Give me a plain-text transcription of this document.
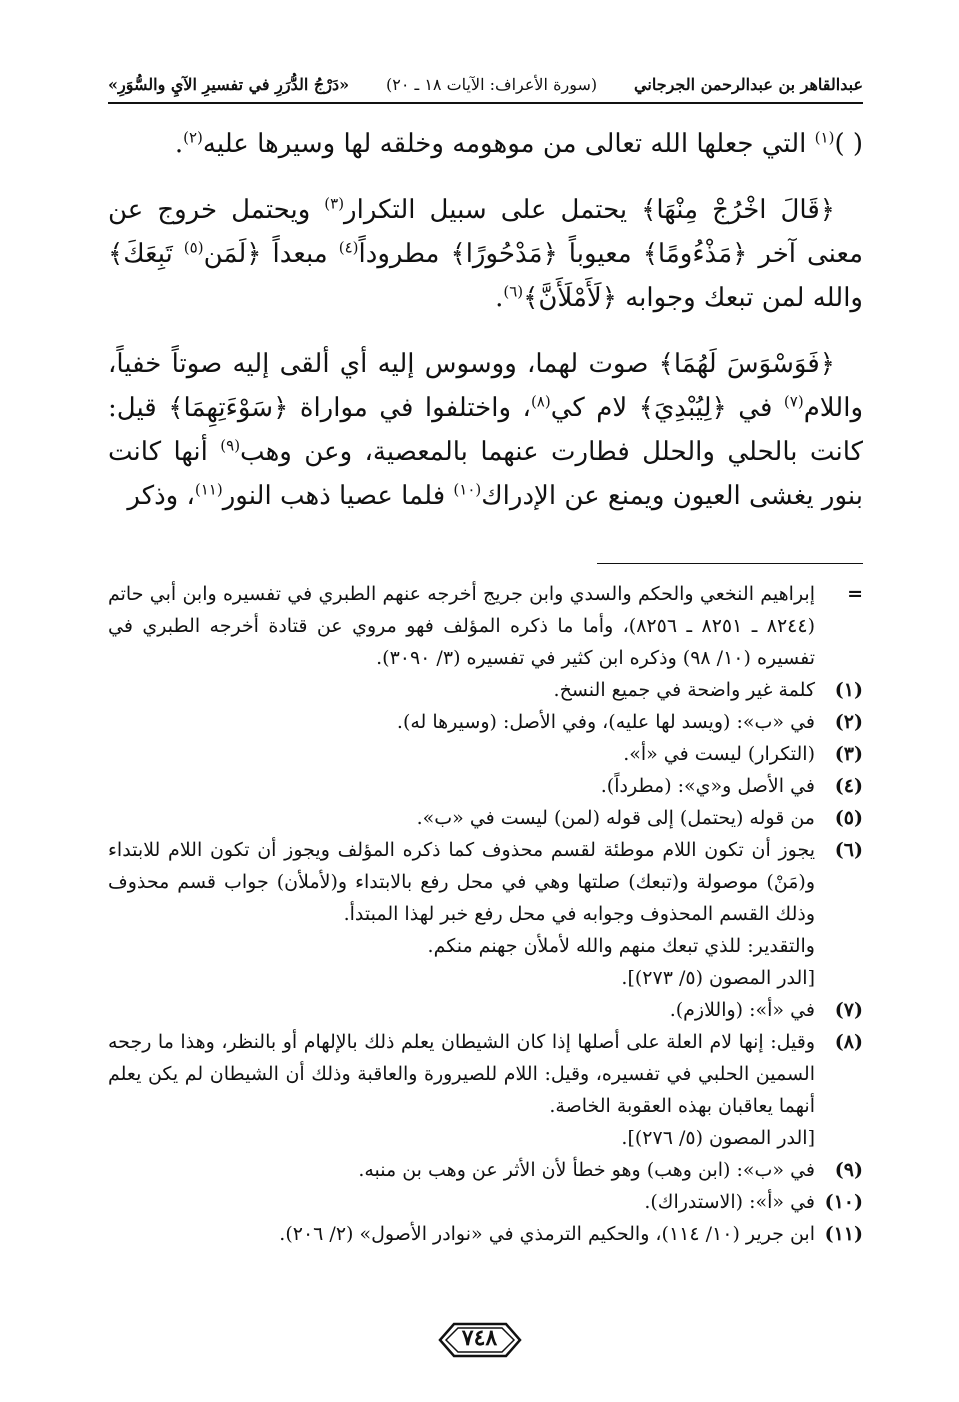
عبدالقاهر بن عبدالرحمن الجرجاني
(سورة الأعراف: الآيات ١٨ ـ ٢٠)
«دَرْجُ الدُّرَرِ في تفسيرِ الآيِ والسُّوَرِ»

( )$^{(١)}$ التي جعلها الله تعالى من موهومه وخلقه لها وسيرها عليه$^{(٢)}$.

﴿قَالَ اخْرُجْ مِنْهَا﴾ يحتمل على سبيل التكرار$^{(٣)}$ ويحتمل خروج عن معنى آخر ﴿مَذْءُومًا﴾ معيوباً ﴿مَدْحُورًا﴾ مطروداً$^{(٤)}$ مبعداً ﴿لَمَن$^{(٥)}$ تَبِعَكَ﴾ والله لمن تبعك وجوابه ﴿لَأَمْلَأَنَّ﴾$^{(٦)}$.

﴿فَوَسْوَسَ لَهُمَا﴾ صوت لهما، ووسوس إليه أي ألقى إليه صوتاً خفياً، واللام$^{(٧)}$ في ﴿لِيُبْدِيَ﴾ لام كي$^{(٨)}$، واختلفوا في مواراة ﴿سَوْءَتِهِمَا﴾ قيل: كانت بالحلي والحلل فطارت عنهما بالمعصية، وعن وهب$^{(٩)}$ أنها كانت بنور يغشى العيون ويمنع عن الإدراك$^{(١٠)}$ فلما عصيا ذهب النور$^{(١١)}$، وذكر

=
إبراهيم النخعي والحكم والسدي وابن جريج أخرجه عنهم الطبري في تفسيره وابن أبي حاتم (٨٢٤٤ ـ ٨٢٥١ ـ ٨٢٥٦)، وأما ما ذكره المؤلف فهو مروي عن قتادة أخرجه الطبري في تفسيره (١٠/ ٩٨) وذكره ابن كثير في تفسيره (٣/ ٣٠٩٠).
(١)
كلمة غير واضحة في جميع النسخ.
(٢)
في «ب»: (ويسد لها عليه)، وفي الأصل: (وسيرها له).
(٣)
(التكرار) ليست في «أ».
(٤)
في الأصل و«ي»: (مطرداً).
(٥)
من قوله (يحتمل) إلى قوله (لمن) ليست في «ب».
(٦)
يجوز أن تكون اللام موطئة لقسم محذوف كما ذكره المؤلف ويجوز أن تكون اللام للابتداء و(مَنْ) موصولة و(تبعك) صلتها وهي في محل رفع بالابتداء و(لأملأن) جواب قسم محذوف وذلك القسم المحذوف وجوابه في محل رفع خبر لهذا المبتدأ.
والتقدير: للذي تبعك منهم والله لأملأن جهنم منكم.
[الدر المصون (٥/ ٢٧٣)].
(٧)
في «أ»: (واللازم).
(٨)
وقيل: إنها لام العلة على أصلها إذا كان الشيطان يعلم ذلك بالإلهام أو بالنظر، وهذا ما رجحه السمين الحلبي في تفسيره، وقيل: اللام للصيرورة والعاقبة وذلك أن الشيطان لم يكن يعلم أنهما يعاقبان بهذه العقوبة الخاصة.
[الدر المصون (٥/ ٢٧٦)].
(٩)
في «ب»: (ابن وهب) وهو خطأ لأن الأثر عن وهب بن منبه.
(١٠)
في «أ»: (الاستدراك).
(١١)
ابن جرير (١٠/ ١١٤)، والحكيم الترمذي في «نوادر الأصول» (٢/ ٢٠٦).
٧٤٨
